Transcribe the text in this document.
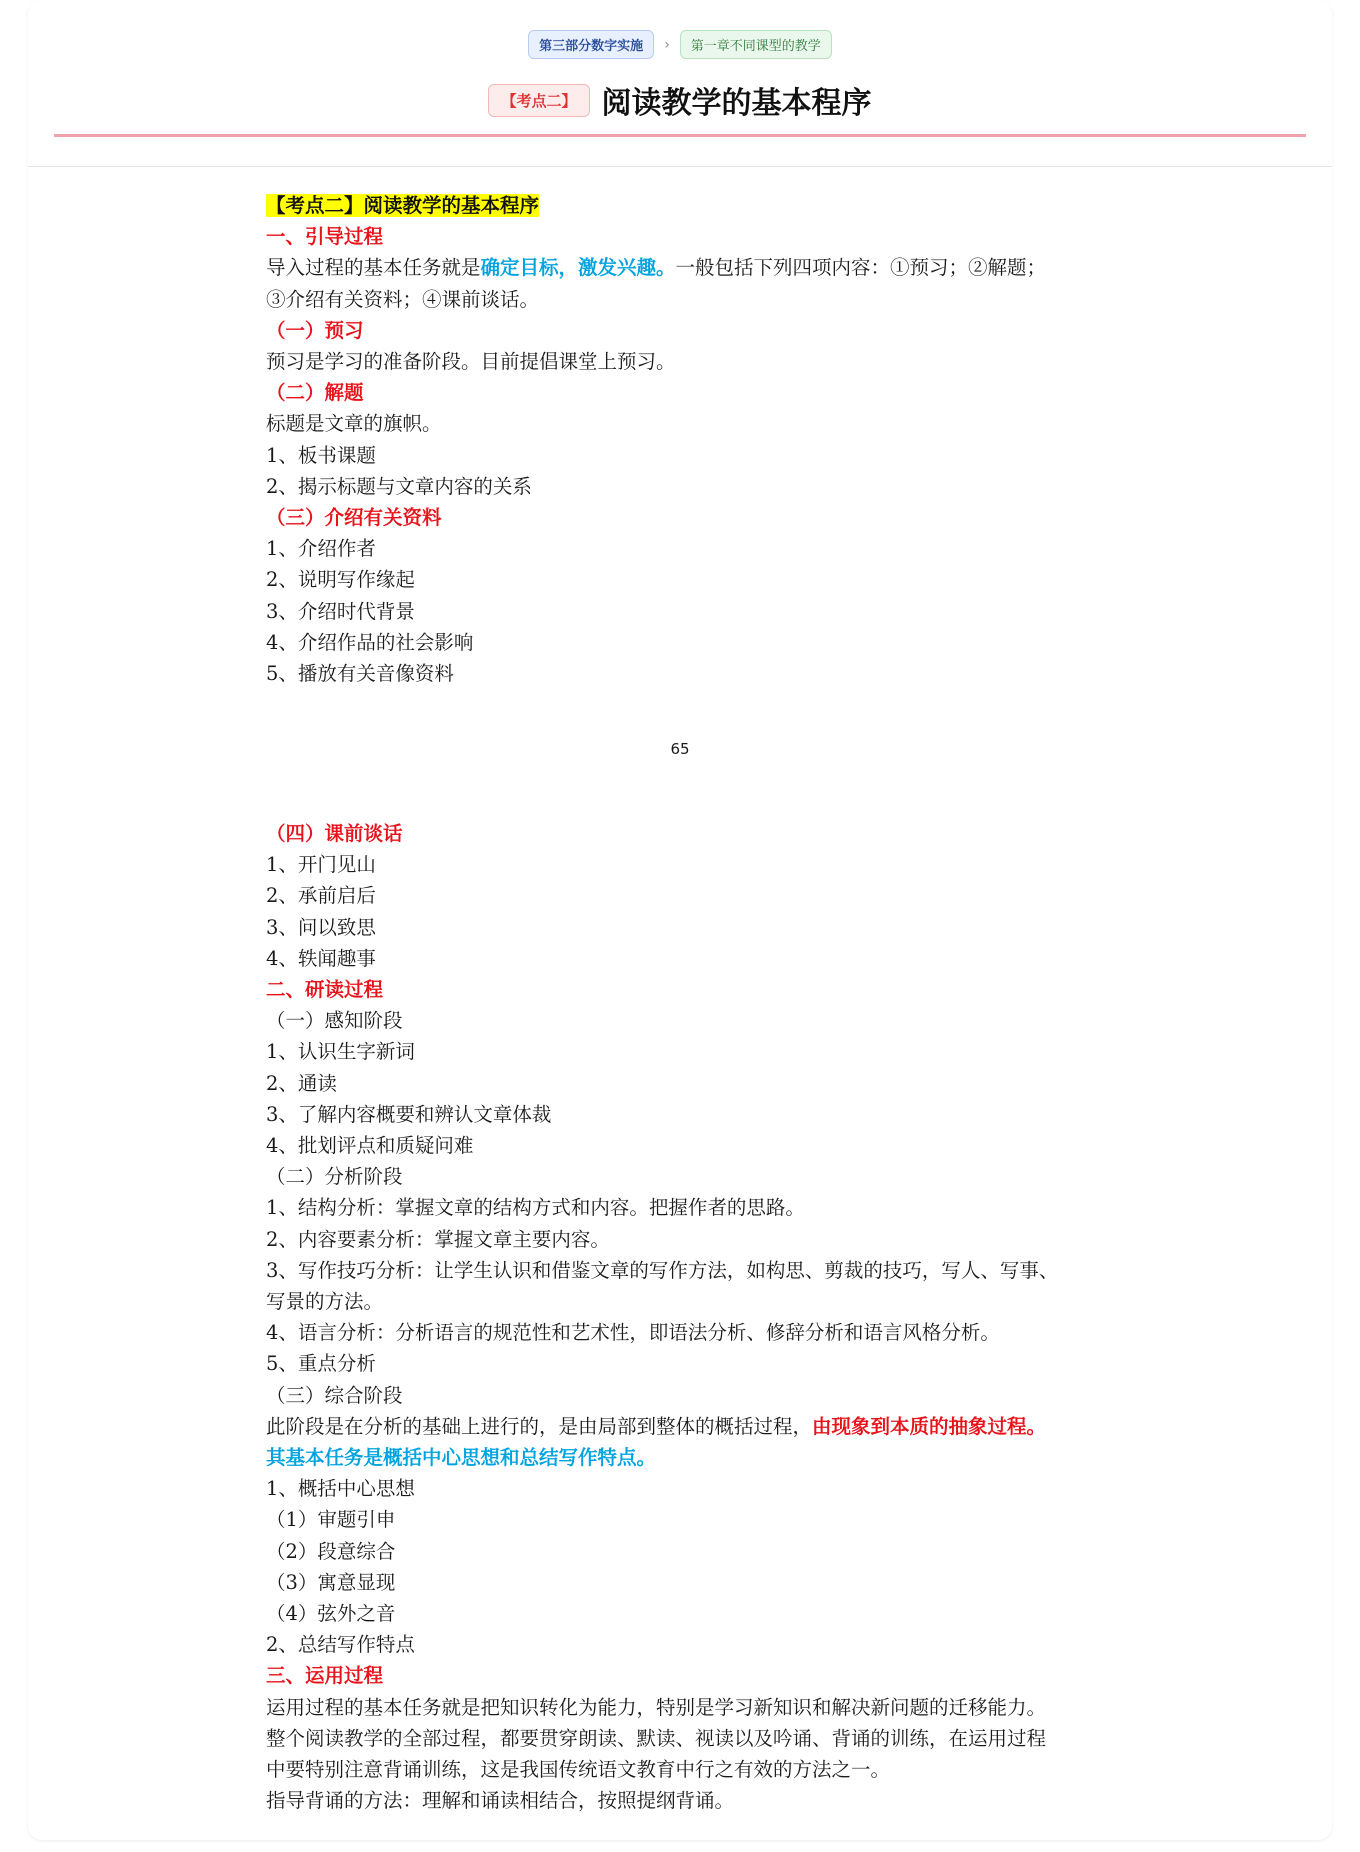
第三部分数字实施	›	第一章不同课型的教学
【考点二】 阅读教学的基本程序

【考点二】阅读教学的基本程序

一、引导过程

导入过程的基本任务就是确定目标，激发兴趣。一般包括下列四项内容：①预习；②解题；

③介绍有关资料；④课前谈话。

（一）预习

预习是学习的准备阶段。目前提倡课堂上预习。

（二）解题

标题是文章的旗帜。

1、板书课题

2、揭示标题与文章内容的关系

（三）介绍有关资料

1、介绍作者

2、说明写作缘起

3、介绍时代背景

4、介绍作品的社会影响

5、播放有关音像资料

65

（四）课前谈话

1、开门见山

2、承前启后

3、问以致思

4、轶闻趣事

二、研读过程

（一）感知阶段

1、认识生字新词

2、通读

3、了解内容概要和辨认文章体裁

4、批划评点和质疑问难

（二）分析阶段

1、结构分析：掌握文章的结构方式和内容。把握作者的思路。

2、内容要素分析：掌握文章主要内容。

3、写作技巧分析：让学生认识和借鉴文章的写作方法，如构思、剪裁的技巧，写人、写事、

写景的方法。

4、语言分析：分析语言的规范性和艺术性，即语法分析、修辞分析和语言风格分析。

5、重点分析

（三）综合阶段

此阶段是在分析的基础上进行的，是由局部到整体的概括过程，由现象到本质的抽象过程。

其基本任务是概括中心思想和总结写作特点。

1、概括中心思想

（1）审题引申

（2）段意综合

（3）寓意显现

（4）弦外之音

2、总结写作特点

三、运用过程

运用过程的基本任务就是把知识转化为能力，特别是学习新知识和解决新问题的迁移能力。

整个阅读教学的全部过程，都要贯穿朗读、默读、视读以及吟诵、背诵的训练，在运用过程

中要特别注意背诵训练，这是我国传统语文教育中行之有效的方法之一。

指导背诵的方法：理解和诵读相结合，按照提纲背诵。
